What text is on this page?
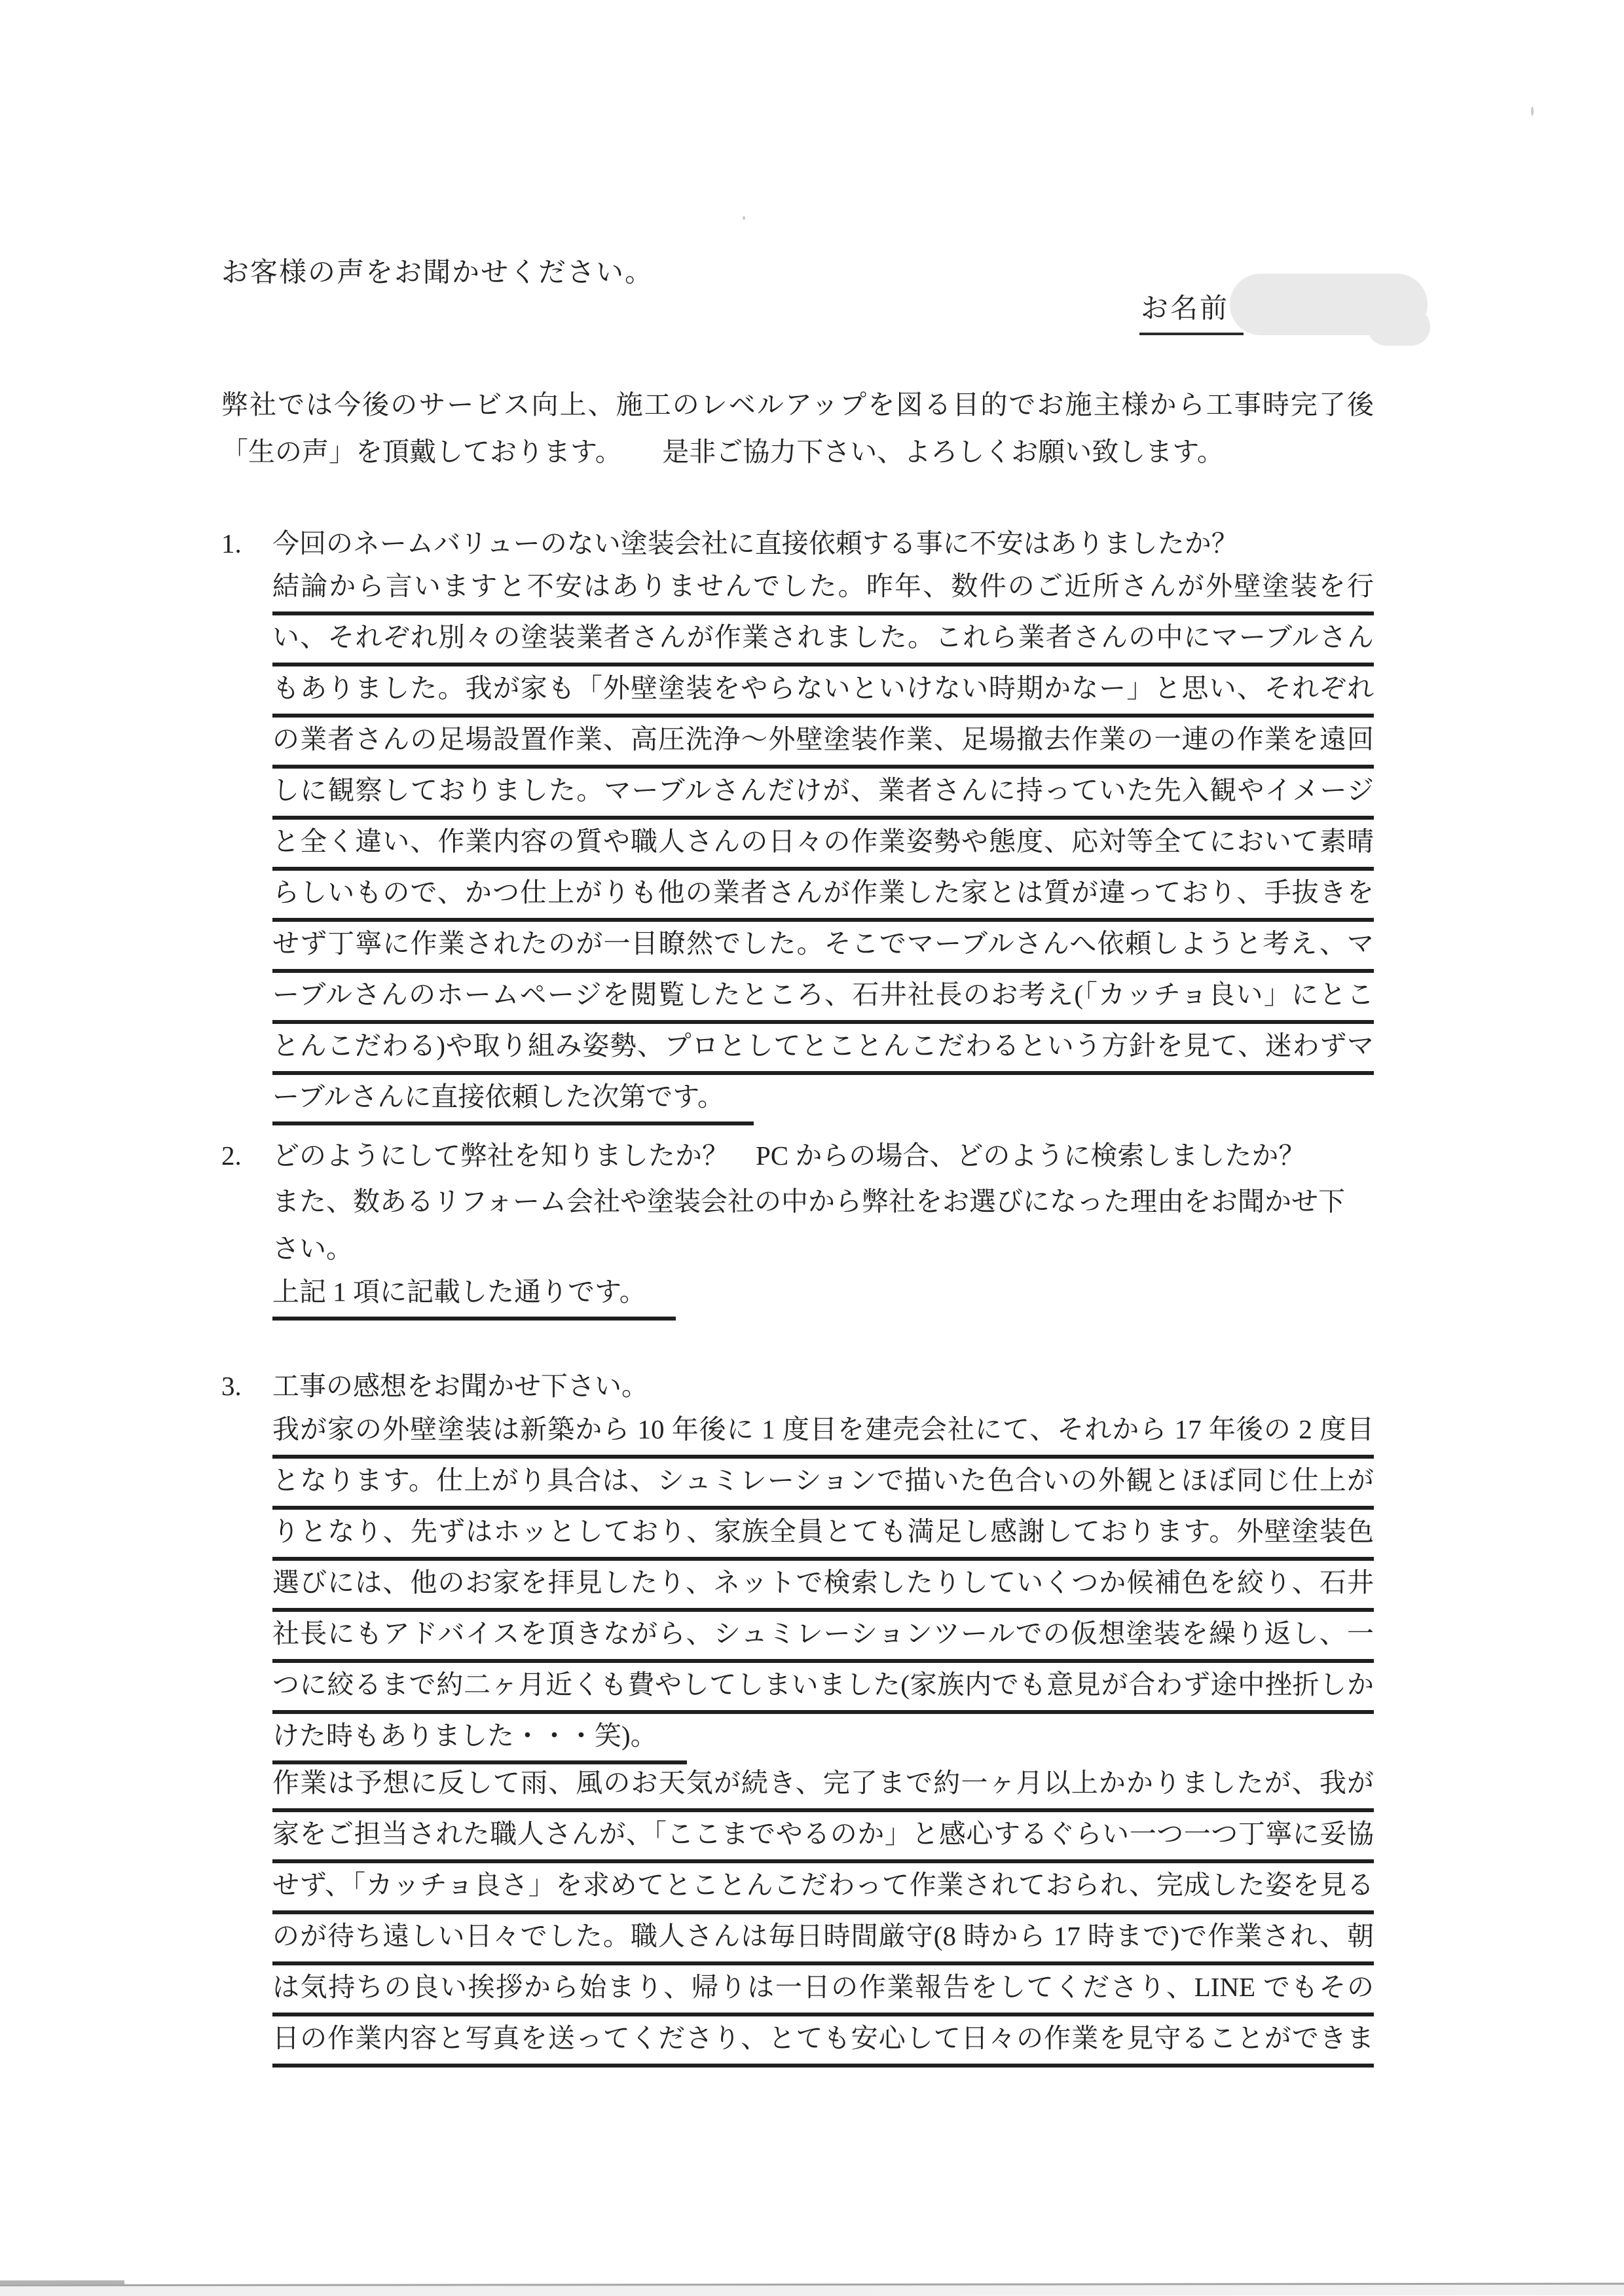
お客様の声をお聞かせください。
お名前
弊社では今後のサービス向上、施工のレベルアップを図る目的でお施主様から工事時完了後
「生の声」を頂戴しております。　　是非ご協力下さい、よろしくお願い致します。
1.	今回のネームバリューのない塗装会社に直接依頼する事に不安はありましたか？
結論から言いますと不安はありませんでした。昨年、数件のご近所さんが外壁塗装を行
い、それぞれ別々の塗装業者さんが作業されました。これら業者さんの中にマーブルさん
もありました。我が家も「外壁塗装をやらないといけない時期かなー」と思い、それぞれ
の業者さんの足場設置作業、高圧洗浄～外壁塗装作業、足場撤去作業の一連の作業を遠回
しに観察しておりました。マーブルさんだけが、業者さんに持っていた先入観やイメージ
と全く違い、作業内容の質や職人さんの日々の作業姿勢や態度、応対等全てにおいて素晴
らしいもので、かつ仕上がりも他の業者さんが作業した家とは質が違っており、手抜きを
せず丁寧に作業されたのが一目瞭然でした。そこでマーブルさんへ依頼しようと考え、マ
ーブルさんのホームページを閲覧したところ、石井社長のお考え(「カッチョ良い」にとこ
とんこだわる)や取り組み姿勢、プロとしてとことんこだわるという方針を見て、迷わずマ
ーブルさんに直接依頼した次第です。
2.	どのようにして弊社を知りましたか？　PC からの場合、どのように検索しましたか？
また、数あるリフォーム会社や塗装会社の中から弊社をお選びになった理由をお聞かせ下
さい。
上記 1 項に記載した通りです。
3.	工事の感想をお聞かせ下さい。
我が家の外壁塗装は新築から 10 年後に 1 度目を建売会社にて、それから 17 年後の 2 度目
となります。仕上がり具合は、シュミレーションで描いた色合いの外観とほぼ同じ仕上が
りとなり、先ずはホッとしており、家族全員とても満足し感謝しております。外壁塗装色
選びには、他のお家を拝見したり、ネットで検索したりしていくつか候補色を絞り、石井
社長にもアドバイスを頂きながら、シュミレーションツールでの仮想塗装を繰り返し、一
つに絞るまで約二ヶ月近くも費やしてしまいました(家族内でも意見が合わず途中挫折しか
けた時もありました・・・笑)。
作業は予想に反して雨、風のお天気が続き、完了まで約一ヶ月以上かかりましたが、我が
家をご担当された職人さんが、「ここまでやるのか」と感心するぐらい一つ一つ丁寧に妥協
せず、「カッチョ良さ」を求めてとことんこだわって作業されておられ、完成した姿を見る
のが待ち遠しい日々でした。職人さんは毎日時間厳守(8 時から 17 時まで)で作業され、朝
は気持ちの良い挨拶から始まり、帰りは一日の作業報告をしてくださり、LINE でもその
日の作業内容と写真を送ってくださり、とても安心して日々の作業を見守ることができま
